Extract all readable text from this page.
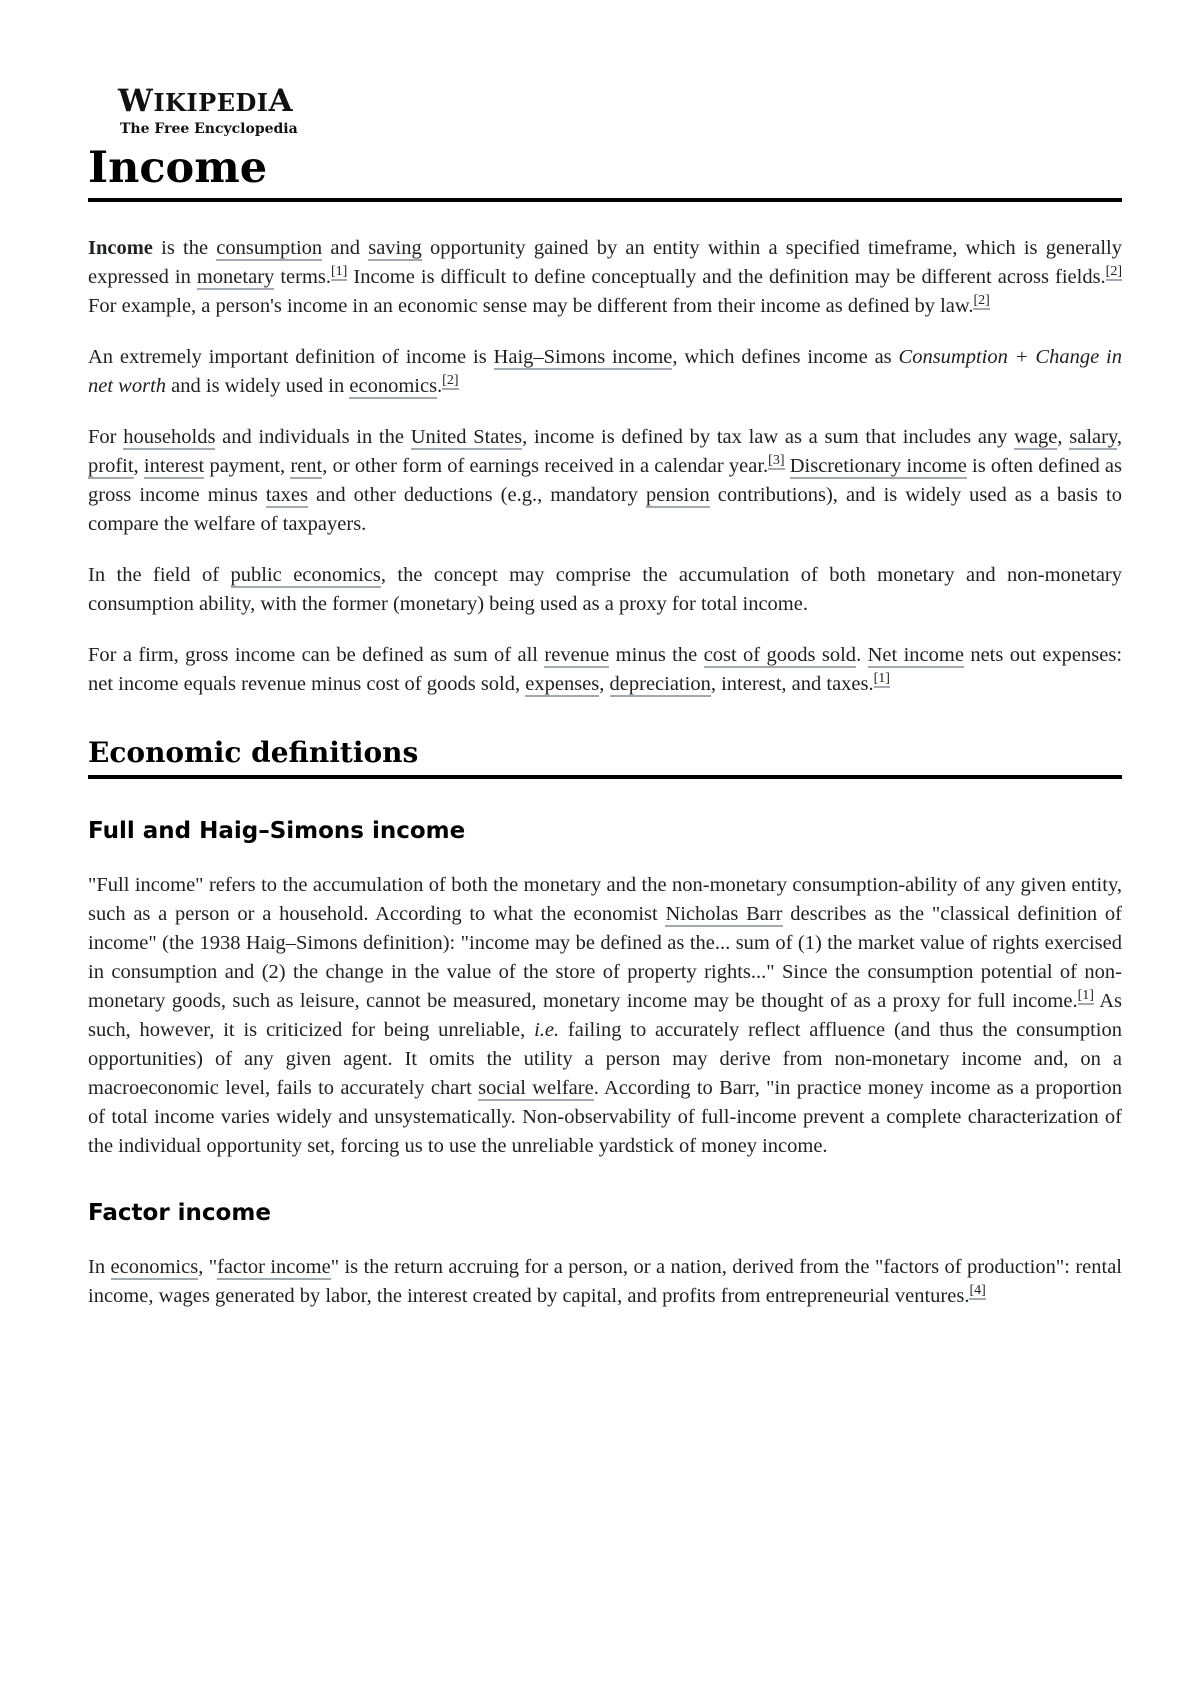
WIKIPEDIA
The Free Encyclopedia
Income

Income is the consumption and saving opportunity gained by an entity within a specified timeframe, which is generally expressed in monetary terms.[1] Income is difficult to define conceptually and the definition may be different across fields.[2] For example, a person's income in an economic sense may be different from their income as defined by law.[2]

An extremely important definition of income is Haig–Simons income, which defines income as Consumption + Change in net worth and is widely used in economics.[2]

For households and individuals in the United States, income is defined by tax law as a sum that includes any wage, salary, profit, interest payment, rent, or other form of earnings received in a calendar year.[3] Discretionary income is often defined as gross income minus taxes and other deductions (e.g., mandatory pension contributions), and is widely used as a basis to compare the welfare of taxpayers.

In the field of public economics, the concept may comprise the accumulation of both monetary and non-monetary consumption ability, with the former (monetary) being used as a proxy for total income.

For a firm, gross income can be defined as sum of all revenue minus the cost of goods sold. Net income nets out expenses: net income equals revenue minus cost of goods sold, expenses, depreciation, interest, and taxes.[1]

Economic definitions
Full and Haig–Simons income

"Full income" refers to the accumulation of both the monetary and the non-monetary consumption-ability of any given entity, such as a person or a household. According to what the economist Nicholas Barr describes as the "classical definition of income" (the 1938 Haig–Simons definition): "income may be defined as the... sum of (1) the market value of rights exercised in consumption and (2) the change in the value of the store of property rights..." Since the consumption potential of non-monetary goods, such as leisure, cannot be measured, monetary income may be thought of as a proxy for full income.[1] As such, however, it is criticized for being unreliable, i.e. failing to accurately reflect affluence (and thus the consumption opportunities) of any given agent. It omits the utility a person may derive from non-monetary income and, on a macroeconomic level, fails to accurately chart social welfare. According to Barr, "in practice money income as a proportion of total income varies widely and unsystematically. Non-observability of full-income prevent a complete characterization of the individual opportunity set, forcing us to use the unreliable yardstick of money income.

Factor income

In economics, "factor income" is the return accruing for a person, or a nation, derived from the "factors of production": rental income, wages generated by labor, the interest created by capital, and profits from entrepreneurial ventures.[4]
